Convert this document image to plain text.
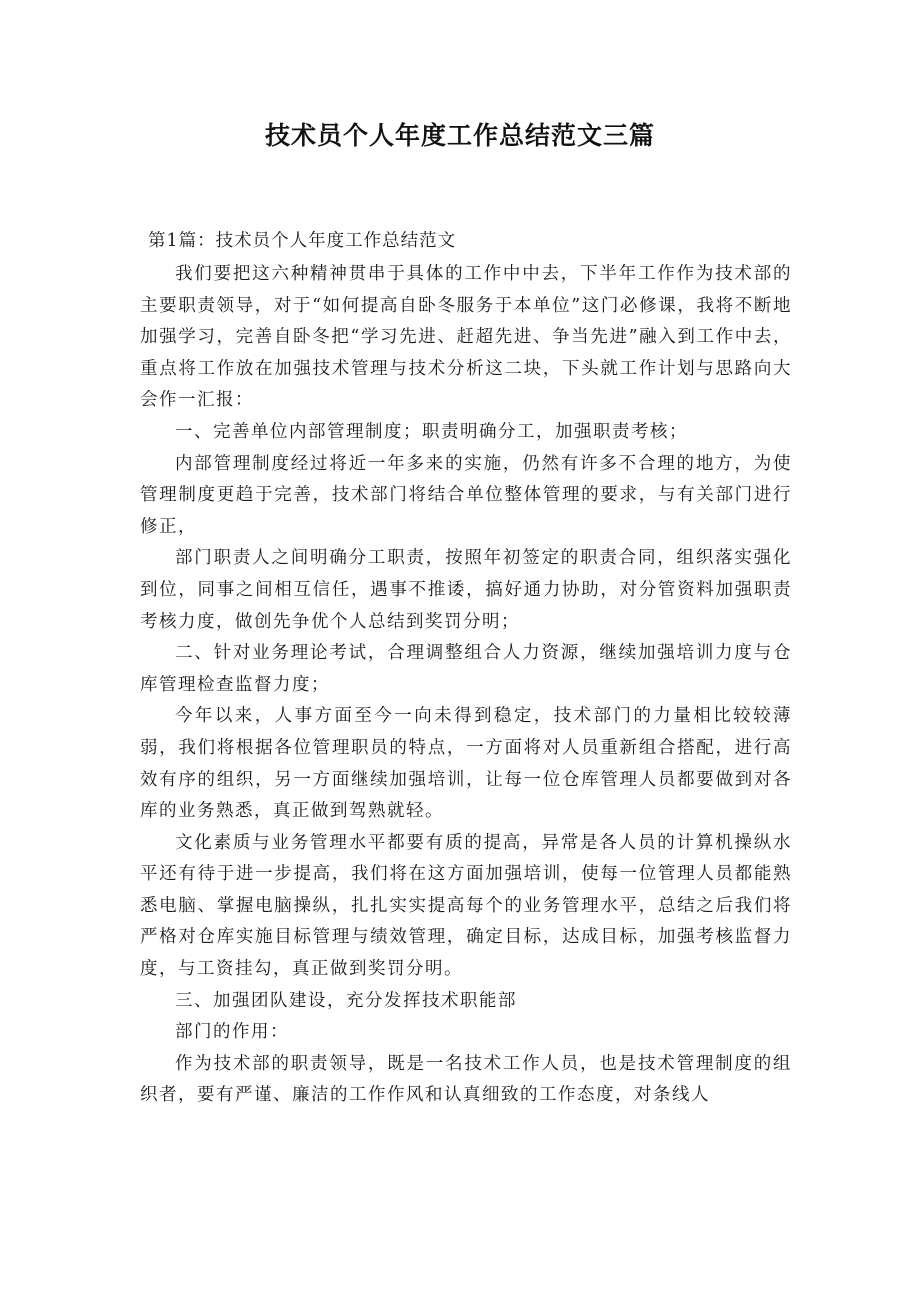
技术员个人年度工作总结范文三篇
第1篇：技术员个人年度工作总结范文

我们要把这六种精神贯串于具体的工作中中去，下半年工作作为技术部的主要职责领导，对于“如何提高自卧冬服务于本单位”这门必修课，我将不断地加强学习，完善自卧冬把“学习先进、赶超先进、争当先进”融入到工作中去，重点将工作放在加强技术管理与技术分析这二块，下头就工作计划与思路向大会作一汇报：

一、完善单位内部管理制度；职责明确分工，加强职责考核；

内部管理制度经过将近一年多来的实施，仍然有许多不合理的地方，为使管理制度更趋于完善，技术部门将结合单位整体管理的要求，与有关部门进行修正，

部门职责人之间明确分工职责，按照年初签定的职责合同，组织落实强化到位，同事之间相互信任，遇事不推诿，搞好通力协助，对分管资料加强职责考核力度，做创先争优个人总结到奖罚分明；

二、针对业务理论考试，合理调整组合人力资源，继续加强培训力度与仓库管理检查监督力度；

今年以来，人事方面至今一向未得到稳定，技术部门的力量相比较较薄弱，我们将根据各位管理职员的特点，一方面将对人员重新组合搭配，进行高效有序的组织，另一方面继续加强培训，让每一位仓库管理人员都要做到对各库的业务熟悉，真正做到驾熟就轻。

文化素质与业务管理水平都要有质的提高，异常是各人员的计算机操纵水平还有待于进一步提高，我们将在这方面加强培训，使每一位管理人员都能熟悉电脑、掌握电脑操纵，扎扎实实提高每个的业务管理水平，总结之后我们将严格对仓库实施目标管理与绩效管理，确定目标，达成目标，加强考核监督力度，与工资挂勾，真正做到奖罚分明。

三、加强团队建设，充分发挥技术职能部

部门的作用：

作为技术部的职责领导，既是一名技术工作人员，也是技术管理制度的组织者，要有严谨、廉洁的工作作风和认真细致的工作态度，对条线人
